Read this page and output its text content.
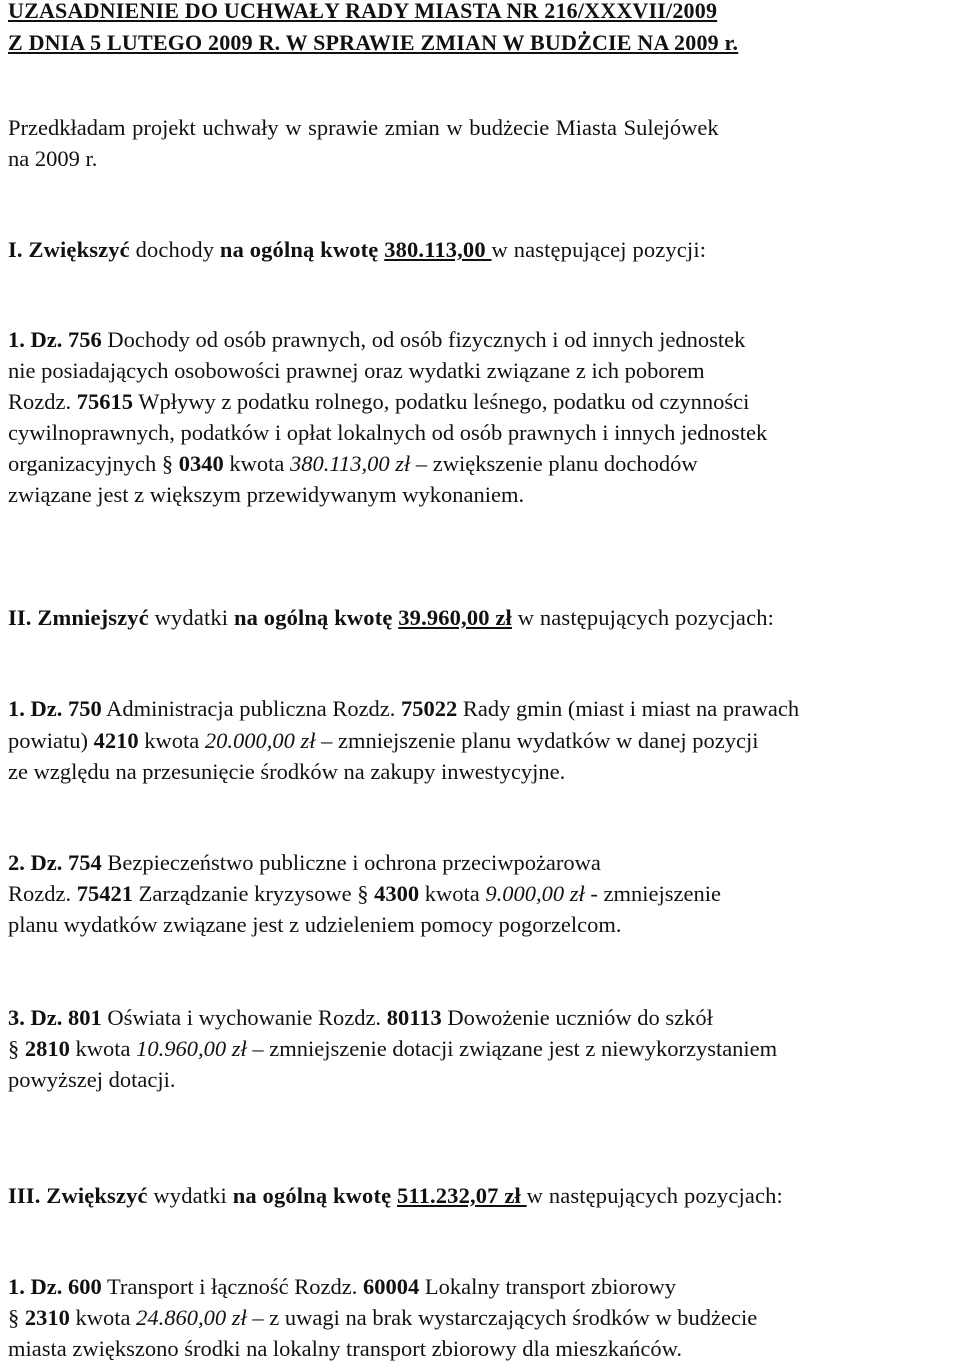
UZASADNIENIE DO UCHWAŁY RADY MIASTA NR 216/XXXVII/2009
Z DNIA 5 LUTEGO 2009 R. W SPRAWIE ZMIAN W BUDŻCIE NA 2009 r.
Przedkładam projekt uchwały w sprawie zmian w budżecie Miasta Sulejówek
na 2009 r.
I. Zwiększyć dochody na ogólną kwotę 380.113,00 w następującej pozycji:
1. Dz. 756 Dochody od osób prawnych, od osób fizycznych i od innych jednostek
nie posiadających osobowości prawnej oraz wydatki związane z ich poborem
Rozdz. 75615 Wpływy z podatku rolnego, podatku leśnego, podatku od czynności
cywilnoprawnych, podatków i opłat lokalnych od osób prawnych i innych jednostek
organizacyjnych § 0340 kwota 380.113,00 zł – zwiększenie planu dochodów
związane jest z większym przewidywanym wykonaniem.
II. Zmniejszyć wydatki na ogólną kwotę 39.960,00 zł w następujących pozycjach:
1. Dz. 750 Administracja publiczna Rozdz. 75022 Rady gmin (miast i miast na prawach
powiatu) 4210 kwota 20.000,00 zł – zmniejszenie planu wydatków w danej pozycji
ze względu na przesunięcie środków na zakupy inwestycyjne.
2. Dz. 754 Bezpieczeństwo publiczne i ochrona przeciwpożarowa
Rozdz. 75421 Zarządzanie kryzysowe § 4300 kwota 9.000,00 zł - zmniejszenie
planu wydatków związane jest z udzieleniem pomocy pogorzelcom.
3. Dz. 801 Oświata i wychowanie Rozdz. 80113 Dowożenie uczniów do szkół
§ 2810 kwota 10.960,00 zł – zmniejszenie dotacji związane jest z niewykorzystaniem
powyższej dotacji.
III. Zwiększyć wydatki na ogólną kwotę 511.232,07 zł w następujących pozycjach:
1. Dz. 600 Transport i łączność Rozdz. 60004 Lokalny transport zbiorowy
§ 2310 kwota 24.860,00 zł – z uwagi na brak wystarczających środków w budżecie
miasta zwiększono środki na lokalny transport zbiorowy dla mieszkańców.
